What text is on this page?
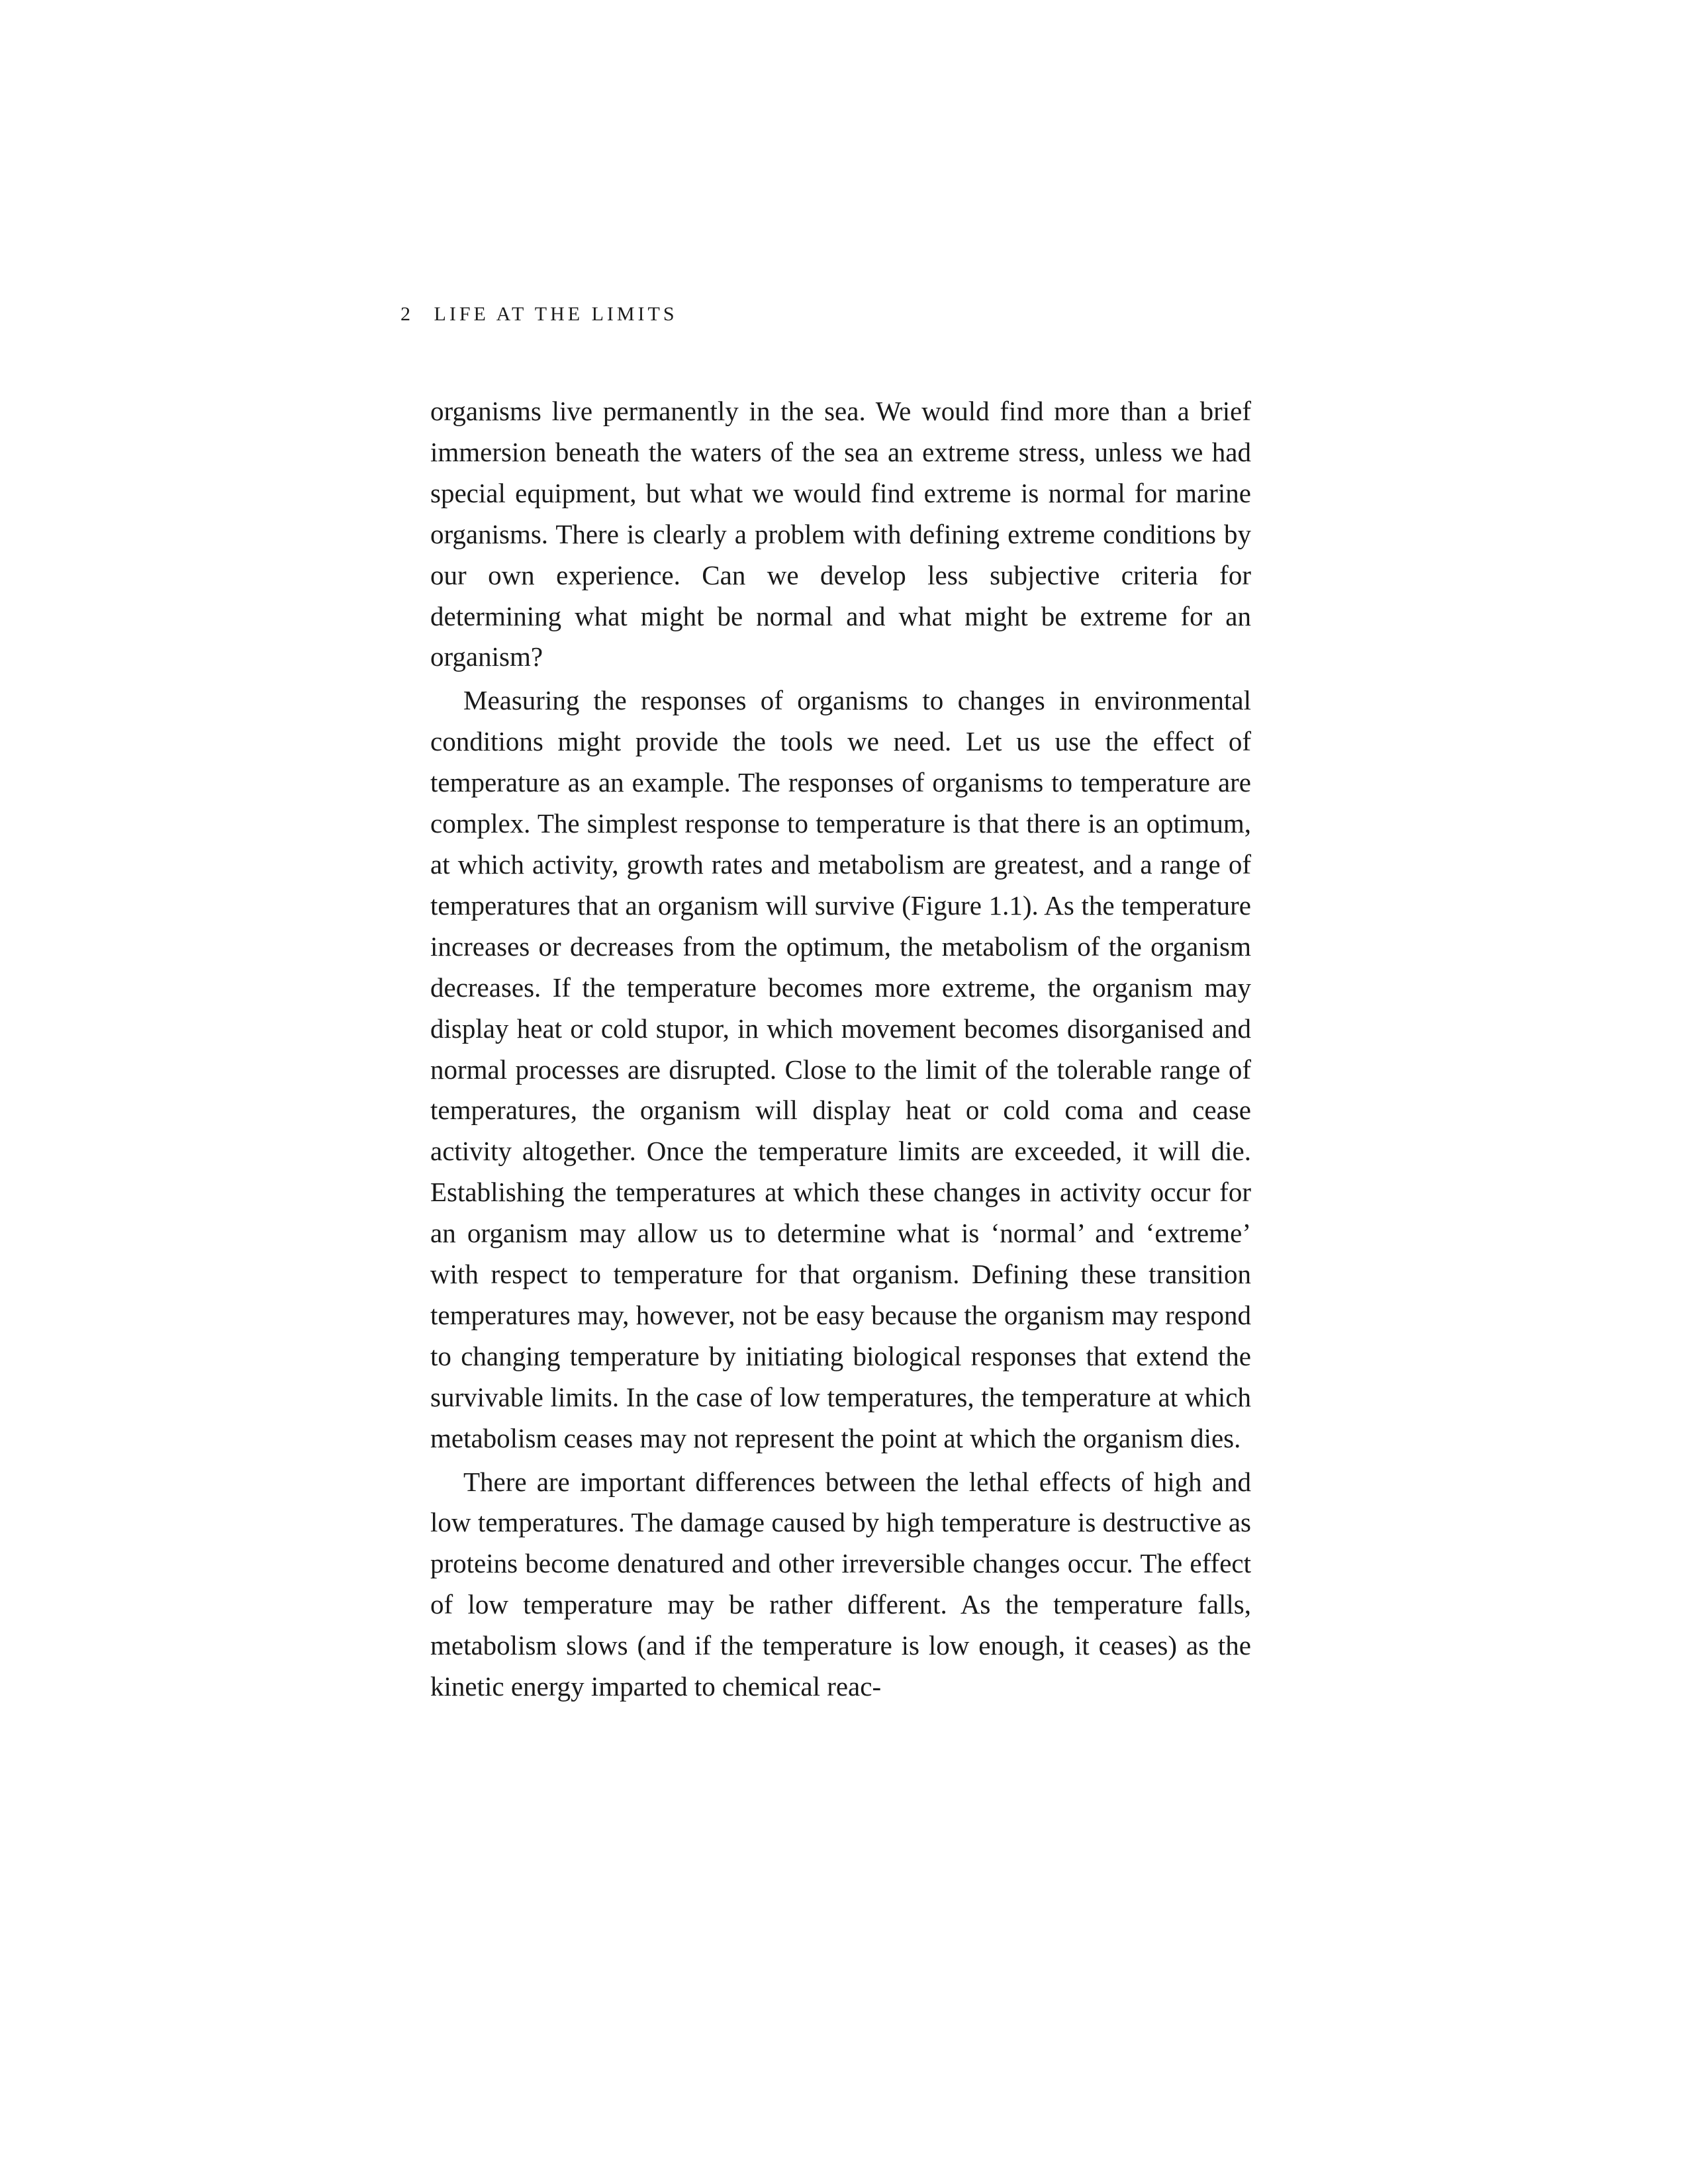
2 LIFE AT THE LIMITS

organisms live permanently in the sea. We would find more than a brief immersion beneath the waters of the sea an extreme stress, unless we had special equipment, but what we would find extreme is normal for marine organisms. There is clearly a problem with defining extreme conditions by our own experience. Can we develop less subjective criteria for determining what might be normal and what might be extreme for an organism?

Measuring the responses of organisms to changes in environmental conditions might provide the tools we need. Let us use the effect of temperature as an example. The responses of organisms to temperature are complex. The simplest response to temperature is that there is an optimum, at which activity, growth rates and metabolism are greatest, and a range of temperatures that an organism will survive (Figure 1.1). As the temperature increases or decreases from the optimum, the metabolism of the organism decreases. If the temperature becomes more extreme, the organism may display heat or cold stupor, in which movement becomes disorganised and normal processes are disrupted. Close to the limit of the tolerable range of temperatures, the organism will display heat or cold coma and cease activity altogether. Once the temperature limits are exceeded, it will die. Establishing the temperatures at which these changes in activity occur for an organism may allow us to determine what is ‘normal’ and ‘extreme’ with respect to temperature for that organism. Defining these transition temperatures may, however, not be easy because the organism may respond to changing temperature by initiating biological responses that extend the survivable limits. In the case of low temperatures, the temperature at which metabolism ceases may not represent the point at which the organism dies.

There are important differences between the lethal effects of high and low temperatures. The damage caused by high temperature is destructive as proteins become denatured and other irreversible changes occur. The effect of low temperature may be rather different. As the temperature falls, metabolism slows (and if the temperature is low enough, it ceases) as the kinetic energy imparted to chemical reac-
